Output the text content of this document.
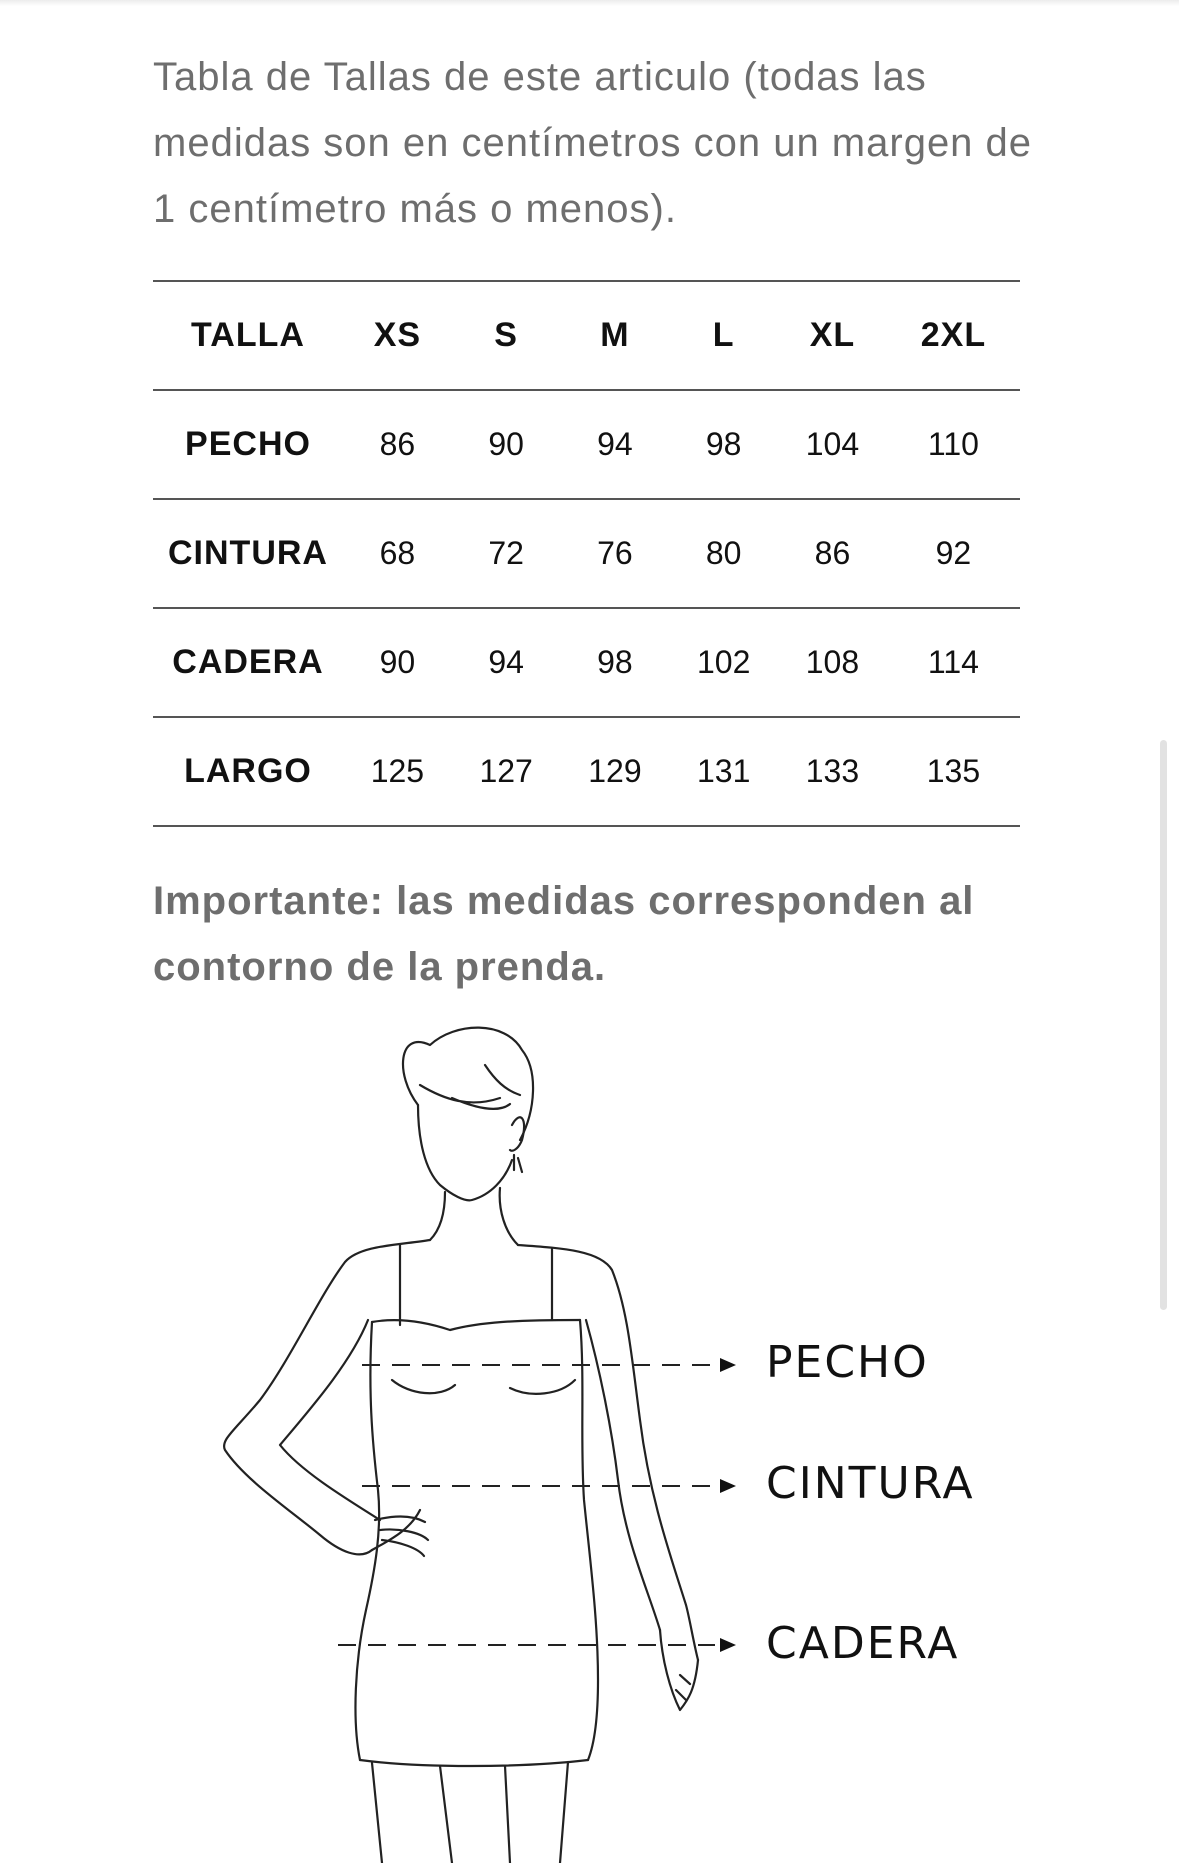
Tabla de Tallas de este articulo (todas las medidas son en centímetros con un margen de 1 centímetro más o menos).

TALLA	XS	S	M	L	XL	2XL
PECHO	86	90	94	98	104	110
CINTURA	68	72	76	80	86	92
CADERA	90	94	98	102	108	114
LARGO	125	127	129	131	133	135

Importante: las medidas corresponden al contorno de la prenda.

PECHO
CINTURA
CADERA
